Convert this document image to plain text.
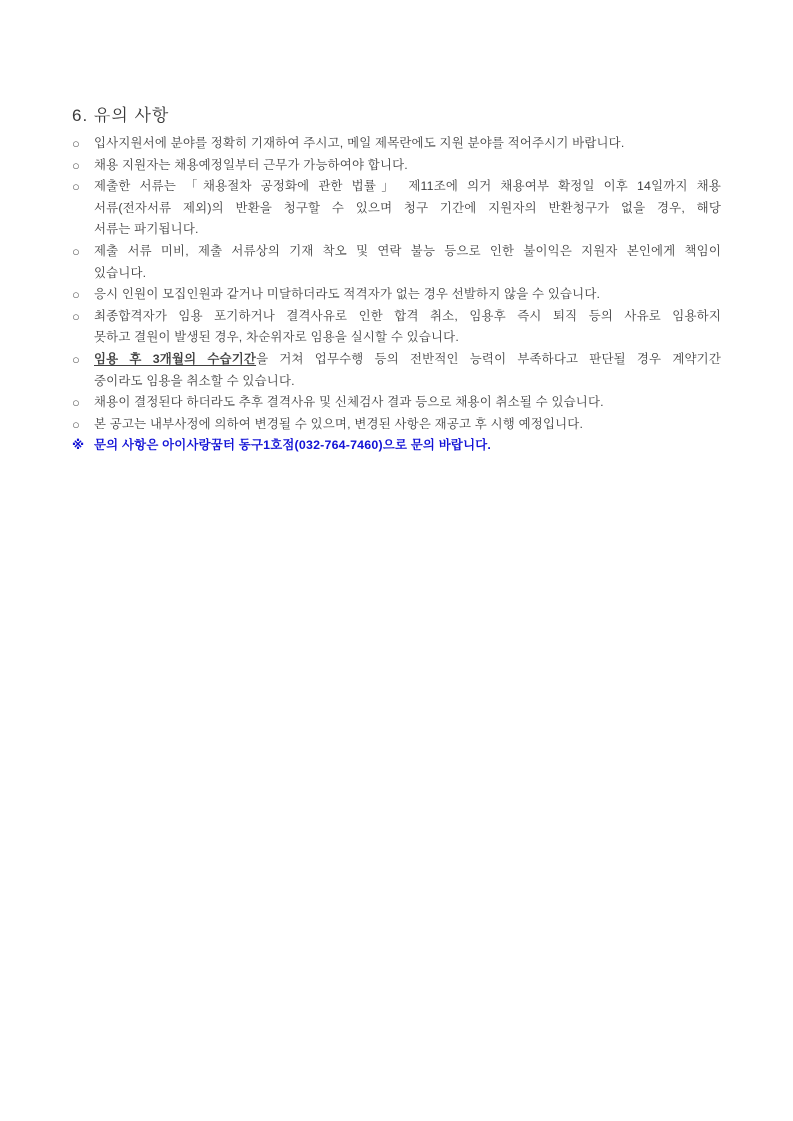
6. 유의 사항
○	입사지원서에 분야를 정확히 기재하여 주시고, 메일 제목란에도 지원 분야를 적어주시기 바랍니다.
○	채용 지원자는 채용예정일부터 근무가 가능하여야 합니다.
○	제출한 서류는 「채용절차 공정화에 관한 법률」 제11조에 의거 채용여부 확정일 이후 14일까지 채용
서류(전자서류 제외)의 반환을 청구할 수 있으며 청구 기간에 지원자의 반환청구가 없을 경우, 해당
서류는 파기됩니다.
○	제출 서류 미비, 제출 서류상의 기재 착오 및 연락 불능 등으로 인한 불이익은 지원자 본인에게 책임이
있습니다.
○	응시 인원이 모집인원과 같거나 미달하더라도 적격자가 없는 경우 선발하지 않을 수 있습니다.
○	최종합격자가 임용 포기하거나 결격사유로 인한 합격 취소, 임용후 즉시 퇴직 등의 사유로 임용하지
못하고 결원이 발생된 경우, 차순위자로 임용을 실시할 수 있습니다.
○	임용 후 3개월의 수습기간을 거쳐 업무수행 등의 전반적인 능력이 부족하다고 판단될 경우 계약기간
중이라도 임용을 취소할 수 있습니다.
○	채용이 결정된다 하더라도 추후 결격사유 및 신체검사 결과 등으로 채용이 취소될 수 있습니다.
○	본 공고는 내부사정에 의하여 변경될 수 있으며, 변경된 사항은 재공고 후 시행 예정입니다.
※ 문의 사항은 아이사랑꿈터 동구1호점(032-764-7460)으로 문의 바랍니다.
